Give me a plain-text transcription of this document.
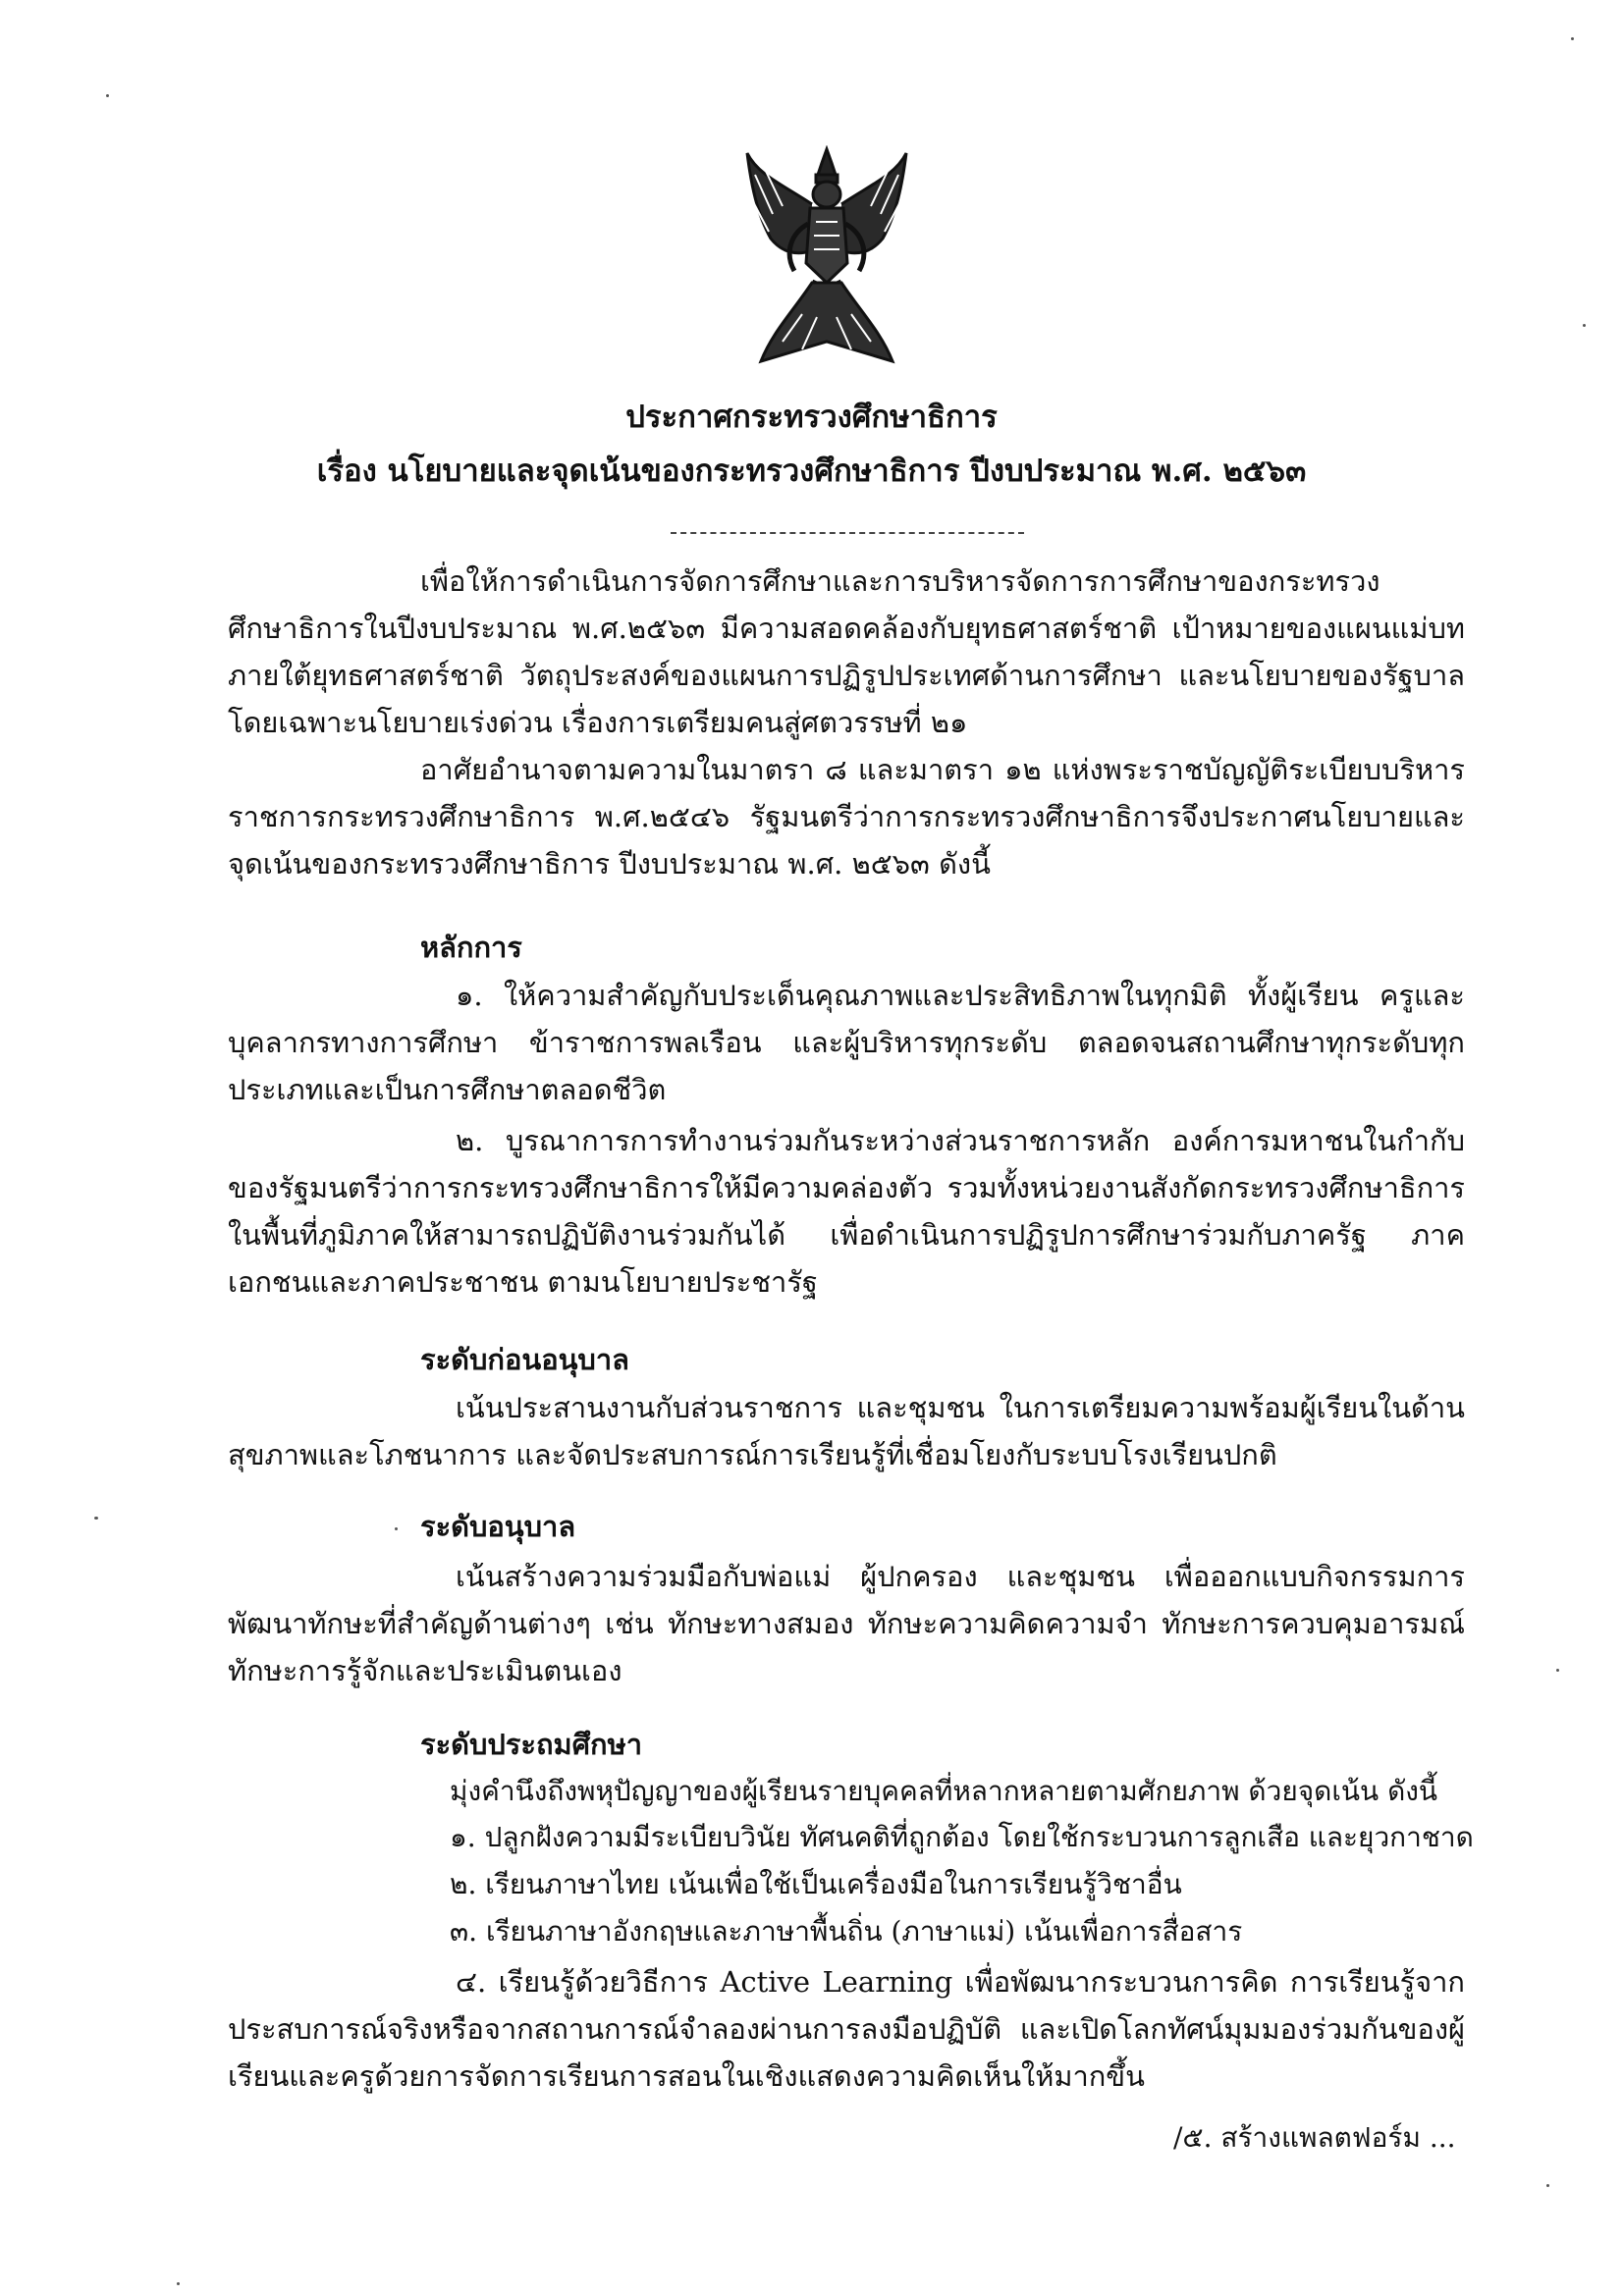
ประกาศกระทรวงศึกษาธิการ
เรื่อง นโยบายและจุดเน้นของกระทรวงศึกษาธิการ ปีงบประมาณ พ.ศ. ๒๕๖๓

เพื่อให้การดำเนินการจัดการศึกษาและการบริหารจัดการการศึกษาของกระทรวงศึกษาธิการในปีงบประมาณ พ.ศ.๒๕๖๓ มีความสอดคล้องกับยุทธศาสตร์ชาติ เป้าหมายของแผนแม่บทภายใต้ยุทธศาสตร์ชาติ วัตถุประสงค์ของแผนการปฏิรูปประเทศด้านการศึกษา และนโยบายของรัฐบาล โดยเฉพาะนโยบายเร่งด่วน เรื่องการเตรียมคนสู่ศตวรรษที่ ๒๑

อาศัยอำนาจตามความในมาตรา ๘ และมาตรา ๑๒ แห่งพระราชบัญญัติระเบียบบริหารราชการกระทรวงศึกษาธิการ พ.ศ.๒๕๔๖ รัฐมนตรีว่าการกระทรวงศึกษาธิการจึงประกาศนโยบายและจุดเน้นของกระทรวงศึกษาธิการ ปีงบประมาณ พ.ศ. ๒๕๖๓ ดังนี้

หลักการ

๑. ให้ความสำคัญกับประเด็นคุณภาพและประสิทธิภาพในทุกมิติ ทั้งผู้เรียน ครูและบุคลากรทางการศึกษา ข้าราชการพลเรือน และผู้บริหารทุกระดับ ตลอดจนสถานศึกษาทุกระดับทุกประเภทและเป็นการศึกษาตลอดชีวิต

๒. บูรณาการการทำงานร่วมกันระหว่างส่วนราชการหลัก องค์การมหาชนในกำกับของรัฐมนตรีว่าการกระทรวงศึกษาธิการให้มีความคล่องตัว รวมทั้งหน่วยงานสังกัดกระทรวงศึกษาธิการในพื้นที่ภูมิภาคให้สามารถปฏิบัติงานร่วมกันได้ เพื่อดำเนินการปฏิรูปการศึกษาร่วมกับภาครัฐ ภาคเอกชนและภาคประชาชน ตามนโยบายประชารัฐ

ระดับก่อนอนุบาล

เน้นประสานงานกับส่วนราชการ และชุมชน ในการเตรียมความพร้อมผู้เรียนในด้านสุขภาพและโภชนาการ และจัดประสบการณ์การเรียนรู้ที่เชื่อมโยงกับระบบโรงเรียนปกติ

ระดับอนุบาล

เน้นสร้างความร่วมมือกับพ่อแม่ ผู้ปกครอง และชุมชน เพื่อออกแบบกิจกรรมการพัฒนาทักษะที่สำคัญด้านต่างๆ เช่น ทักษะทางสมอง ทักษะความคิดความจำ ทักษะการควบคุมอารมณ์ทักษะการรู้จักและประเมินตนเอง

ระดับประถมศึกษา
มุ่งคำนึงถึงพหุปัญญาของผู้เรียนรายบุคคลที่หลากหลายตามศักยภาพ ด้วยจุดเน้น ดังนี้
๑. ปลูกฝังความมีระเบียบวินัย ทัศนคติที่ถูกต้อง โดยใช้กระบวนการลูกเสือ และยุวกาชาด
๒. เรียนภาษาไทย เน้นเพื่อใช้เป็นเครื่องมือในการเรียนรู้วิชาอื่น
๓. เรียนภาษาอังกฤษและภาษาพื้นถิ่น (ภาษาแม่) เน้นเพื่อการสื่อสาร

๔. เรียนรู้ด้วยวิธีการ Active Learning เพื่อพัฒนากระบวนการคิด การเรียนรู้จากประสบการณ์จริงหรือจากสถานการณ์จำลองผ่านการลงมือปฏิบัติ และเปิดโลกทัศน์มุมมองร่วมกันของผู้เรียนและครูด้วยการจัดการเรียนการสอนในเชิงแสดงความคิดเห็นให้มากขึ้น

/๕. สร้างแพลตฟอร์ม ...
